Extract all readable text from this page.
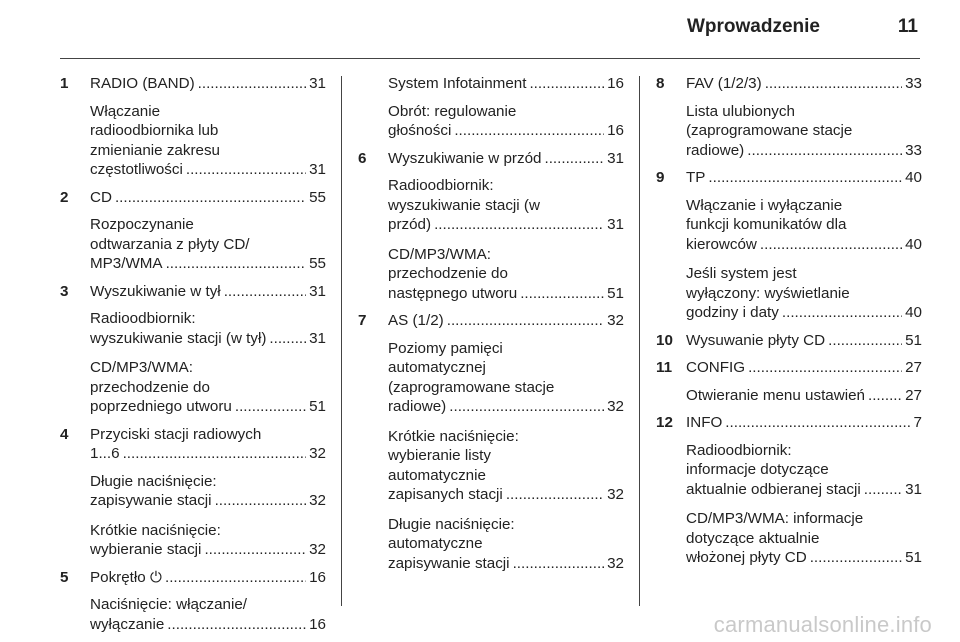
Wprowadzenie	11
1 RADIO (BAND) .....	31
Włączanie
radioodbiornika lub
zmienianie zakresu
częstotliwości .....	31
2 CD .....	55
Rozpoczynanie
odtwarzania z płyty CD/
MP3/WMA .....	55
3 Wyszukiwanie w tył .....	31
Radioodbiornik:
wyszukiwanie stacji (w tył) .....	31
CD/MP3/WMA:
przechodzenie do
poprzedniego utworu .....	51
4 Przyciski stacji radiowych
1...6 .....	32
Długie naciśnięcie:
zapisywanie stacji .....	32
Krótkie naciśnięcie:
wybieranie stacji .....	32
5 Pokrętło
⏻ .....	16
Naciśnięcie: włączanie/
wyłączanie .....	16
System Infotainment .....	16
Obrót: regulowanie
głośności .....	16
6 Wyszukiwanie w przód .....	31
Radioodbiornik:
wyszukiwanie stacji (w
przód) .....	31
CD/MP3/WMA:
przechodzenie do
następnego utworu .....	51
7 AS (1/2) .....	32
Poziomy pamięci
automatycznej
(zaprogramowane stacje
radiowe) .....	32
Krótkie naciśnięcie:
wybieranie listy
automatycznie
zapisanych stacji .....	32
Długie naciśnięcie:
automatyczne
zapisywanie stacji .....	32
8 FAV (1/2/3) .....	33
Lista ulubionych
(zaprogramowane stacje
radiowe) .....	33
9 TP .....	40
Włączanie i wyłączanie
funkcji komunikatów dla
kierowców .....	40
Jeśli system jest
wyłączony: wyświetlanie
godziny i daty .....	40
10 Wysuwanie płyty CD .....	51
11 CONFIG .....	27
Otwieranie menu ustawień .....	27
12 INFO .....	7
Radioodbiornik:
informacje dotyczące
aktualnie odbieranej stacji .....	31
CD/MP3/WMA: informacje
dotyczące aktualnie
włożonej płyty CD .....	51
carmanualsonline.info
